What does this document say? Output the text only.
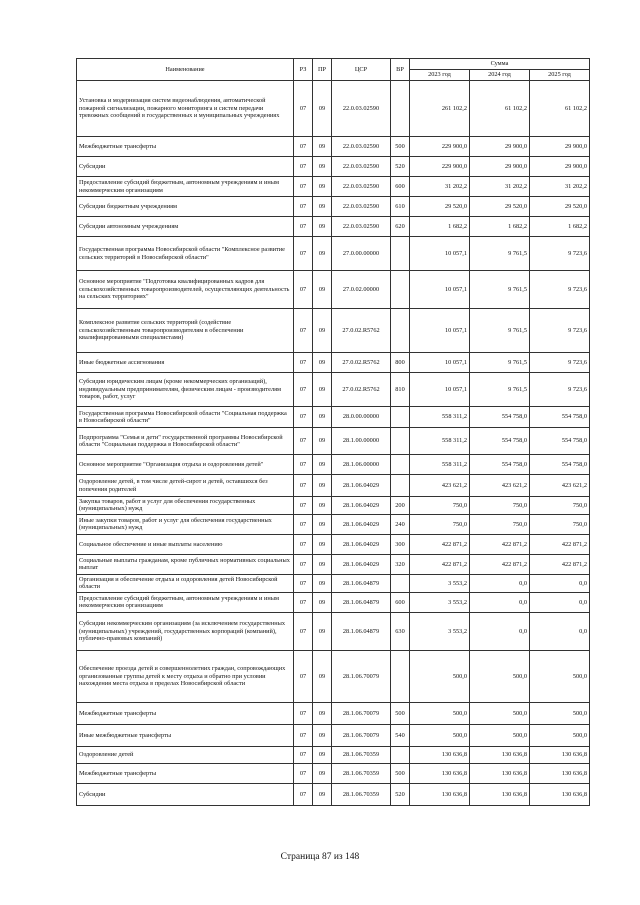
Наименование	РЗ	ПР	ЦСР	ВР	Сумма		
					2023 год	2024 год	2025 год
Установка и модернизация систем видеонаблюдения, автоматической пожарной сигнализации, пожарного мониторинга и систем передачи тревожных сообщений в государственных и муниципальных учреждениях	07	09	22.0.03.02590		261 102,2	61 102,2	61 102,2
Межбюджетные трансферты	07	09	22.0.03.02590	500	229 900,0	29 900,0	29 900,0
Субсидии	07	09	22.0.03.02590	520	229 900,0	29 900,0	29 900,0
Предоставление субсидий бюджетным, автономным учреждениям и иным некоммерческим организациям	07	09	22.0.03.02590	600	31 202,2	31 202,2	31 202,2
Субсидии бюджетным учреждениям	07	09	22.0.03.02590	610	29 520,0	29 520,0	29 520,0
Субсидии автономным учреждениям	07	09	22.0.03.02590	620	1 682,2	1 682,2	1 682,2
Государственная программа Новосибирской области "Комплексное развитие сельских территорий в Новосибирской области"	07	09	27.0.00.00000		10 057,1	9 761,5	9 723,6
Основное мероприятие "Подготовка квалифицированных кадров для сельскохозяйственных товаропроизводителей, осуществляющих деятельность на сельских территориях"	07	09	27.0.02.00000		10 057,1	9 761,5	9 723,6
Комплексное развитие сельских территорий (содействие сельскохозяйственным товаропроизводителям в обеспечении квалифицированными специалистами)	07	09	27.0.02.R5762		10 057,1	9 761,5	9 723,6
Иные бюджетные ассигнования	07	09	27.0.02.R5762	800	10 057,1	9 761,5	9 723,6
Субсидии юридическим лицам (кроме некоммерческих организаций), индивидуальным предпринимателям, физическим лицам - производителям товаров, работ, услуг	07	09	27.0.02.R5762	810	10 057,1	9 761,5	9 723,6
Государственная программа Новосибирской области "Социальная поддержка в Новосибирской области"	07	09	28.0.00.00000		558 311,2	554 758,0	554 758,0
Подпрограмма "Семья и дети" государственной программы Новосибирской области "Социальная поддержка в Новосибирской области"	07	09	28.1.00.00000		558 311,2	554 758,0	554 758,0
Основное мероприятие "Организация отдыха и оздоровления детей"	07	09	28.1.06.00000		558 311,2	554 758,0	554 758,0
Оздоровление детей, в том числе детей-сирот и детей, оставшихся без попечения родителей	07	09	28.1.06.04029		423 621,2	423 621,2	423 621,2
Закупка товаров, работ и услуг для обеспечения государственных (муниципальных) нужд	07	09	28.1.06.04029	200	750,0	750,0	750,0
Иные закупки товаров, работ и услуг для обеспечения государственных (муниципальных) нужд	07	09	28.1.06.04029	240	750,0	750,0	750,0
Социальное обеспечение и иные выплаты населению	07	09	28.1.06.04029	300	422 871,2	422 871,2	422 871,2
Социальные выплаты гражданам, кроме публичных нормативных социальных выплат	07	09	28.1.06.04029	320	422 871,2	422 871,2	422 871,2
Организация и обеспечение отдыха и оздоровления детей Новосибирской области	07	09	28.1.06.04879		3 553,2	0,0	0,0
Предоставление субсидий бюджетным, автономным учреждениям и иным некоммерческим организациям	07	09	28.1.06.04879	600	3 553,2	0,0	0,0
Субсидии некоммерческим организациям (за исключением государственных (муниципальных) учреждений, государственных корпораций (компаний), публично-правовых компаний)	07	09	28.1.06.04879	630	3 553,2	0,0	0,0
Обеспечение проезда детей и совершеннолетних граждан, сопровождающих организованные группы детей к месту отдыха и обратно при условии нахождения места отдыха в пределах Новосибирской области	07	09	28.1.06.70079		500,0	500,0	500,0
Межбюджетные трансферты	07	09	28.1.06.70079	500	500,0	500,0	500,0
Иные межбюджетные трансферты	07	09	28.1.06.70079	540	500,0	500,0	500,0
Оздоровление детей	07	09	28.1.06.70359		130 636,8	130 636,8	130 636,8
Межбюджетные трансферты	07	09	28.1.06.70359	500	130 636,8	130 636,8	130 636,8
Субсидии	07	09	28.1.06.70359	520	130 636,8	130 636,8	130 636,8
Страница 87 из 148
